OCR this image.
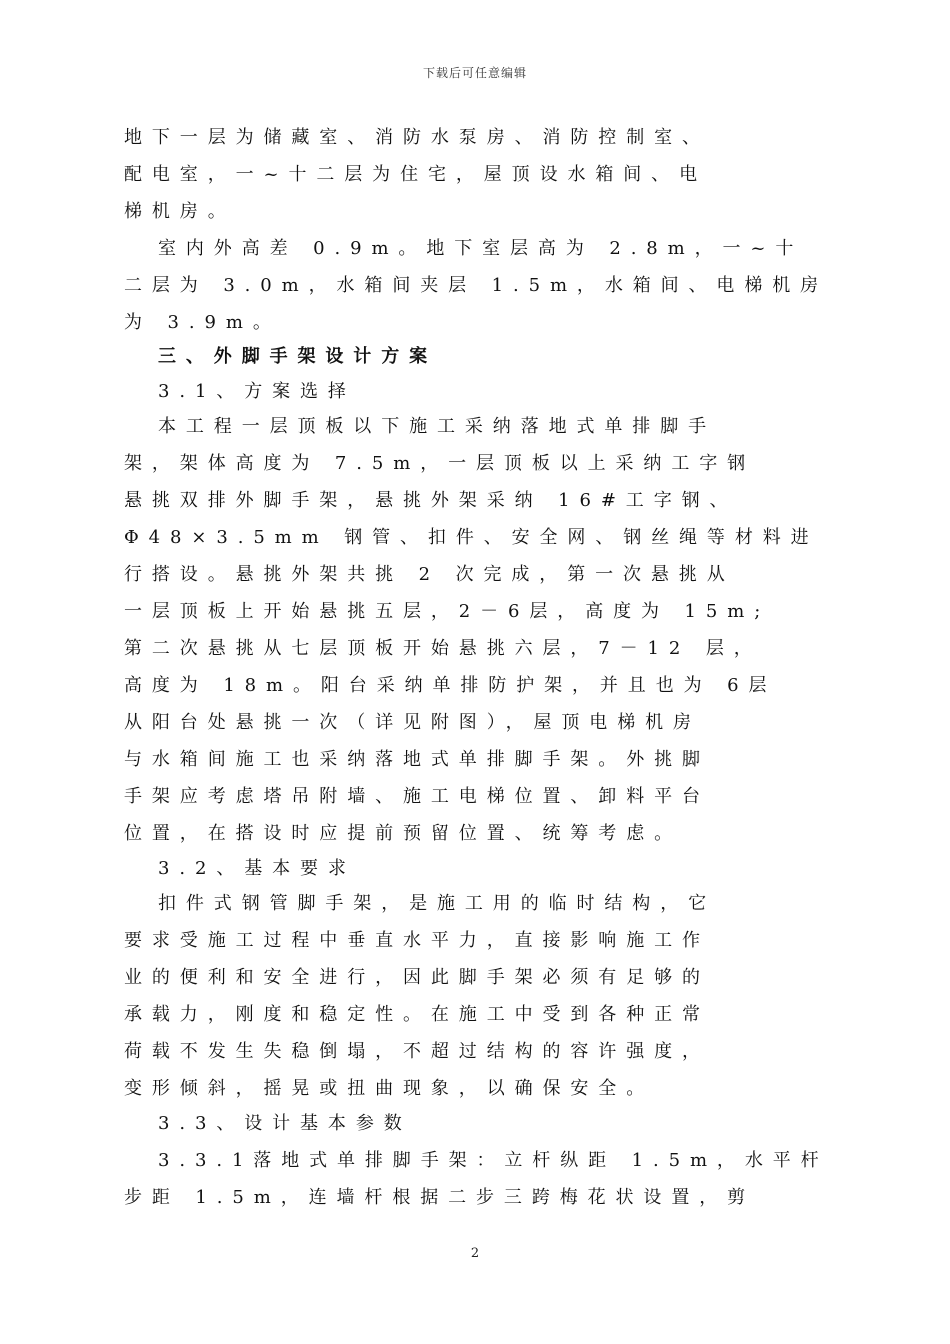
下载后可任意编辑
地下一层为储藏室、消防水泵房、消防控制室、
配电室，一~十二层为住宅，屋顶设水箱间、电
梯机房。
室内外高差 0.9m。地下室层高为 2.8m，一~十
二层为 3.0m，水箱间夹层 1.5m，水箱间、电梯机房
为 3.9m。
三、外脚手架设计方案
3.1、方案选择
本工程一层顶板以下施工采纳落地式单排脚手
架，架体高度为 7.5m，一层顶板以上采纳工字钢
悬挑双排外脚手架，悬挑外架采纳 16#工字钢、
Φ48×3.5mm 钢管、扣件、安全网、钢丝绳等材料进
行搭设。悬挑外架共挑 2 次完成，第一次悬挑从
一层顶板上开始悬挑五层，2－6层，高度为 15m;
第二次悬挑从七层顶板开始悬挑六层，7－12 层，
高度为 18m。阳台采纳单排防护架，并且也为 6层
从阳台处悬挑一次（详见附图），屋顶电梯机房
与水箱间施工也采纳落地式单排脚手架。外挑脚
手架应考虑塔吊附墙、施工电梯位置、卸料平台
位置，在搭设时应提前预留位置、统筹考虑。
3.2、基本要求
扣件式钢管脚手架，是施工用的临时结构，它
要求受施工过程中垂直水平力，直接影响施工作
业的便利和安全进行，因此脚手架必须有足够的
承载力，刚度和稳定性。在施工中受到各种正常
荷载不发生失稳倒塌，不超过结构的容许强度，
变形倾斜，摇晃或扭曲现象，以确保安全。
3.3、设计基本参数
3.3.1落地式单排脚手架：立杆纵距 1.5m，水平杆
步距 1.5m，连墙杆根据二步三跨梅花状设置，剪
2
